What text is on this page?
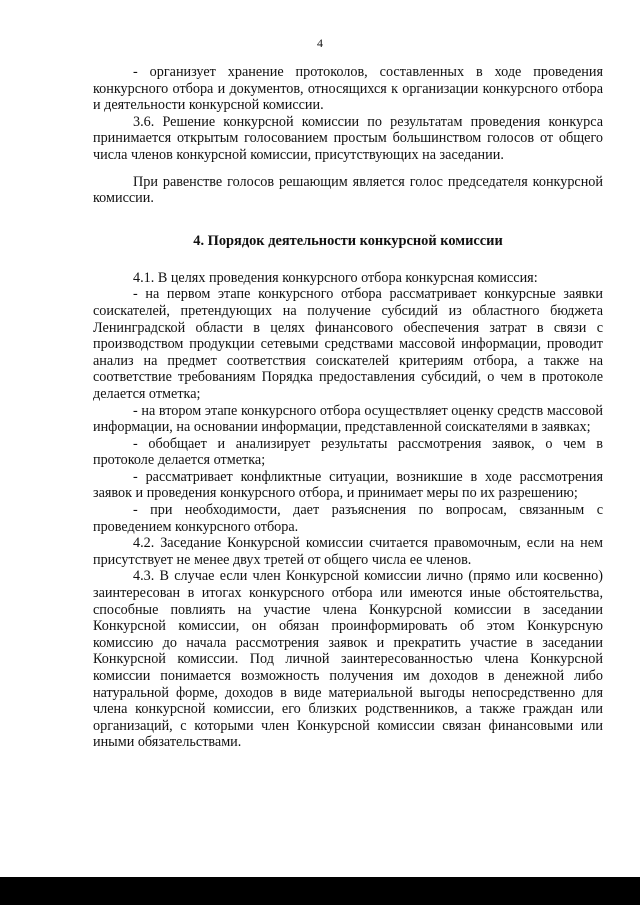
4

- организует хранение протоколов, составленных в ходе проведения конкурсного отбора и документов, относящихся к организации конкурсного отбора и деятельности конкурсной комиссии.

3.6. Решение конкурсной комиссии по результатам проведения конкурса принимается открытым голосованием простым большинством голосов от общего числа членов конкурсной комиссии, присутствующих на заседании.

При равенстве голосов решающим является голос председателя конкурсной комиссии.

4. Порядок деятельности конкурсной комиссии

4.1. В целях проведения конкурсного отбора конкурсная комиссия:

- на первом этапе конкурсного отбора рассматривает конкурсные заявки соискателей, претендующих на получение субсидий из областного бюджета Ленинградской области в целях финансового обеспечения затрат в связи с производством продукции сетевыми средствами массовой информации, проводит анализ на предмет соответствия соискателей критериям отбора, а также на соответствие требованиям Порядка предоставления субсидий, о чем в протоколе делается отметка;

- на втором этапе конкурсного отбора осуществляет оценку средств массовой информации, на основании информации, представленной соискателями в заявках;

- обобщает и анализирует результаты рассмотрения заявок, о чем в протоколе делается отметка;

- рассматривает конфликтные ситуации, возникшие в ходе рассмотрения заявок и проведения конкурсного отбора, и принимает меры по их разрешению;

- при необходимости, дает разъяснения по вопросам, связанным с проведением конкурсного отбора.

4.2. Заседание Конкурсной комиссии считается правомочным, если на нем присутствует не менее двух третей от общего числа ее членов.

4.3. В случае если член Конкурсной комиссии лично (прямо или косвенно) заинтересован в итогах конкурсного отбора или имеются иные обстоятельства, способные повлиять на участие члена Конкурсной комиссии в заседании Конкурсной комиссии, он обязан проинформировать об этом Конкурсную комиссию до начала рассмотрения заявок и прекратить участие в заседании Конкурсной комиссии. Под личной заинтересованностью члена Конкурсной комиссии понимается возможность получения им доходов в денежной либо натуральной форме, доходов в виде материальной выгоды непосредственно для члена конкурсной комиссии, его близких родственников, а также граждан или организаций, с которыми член Конкурсной комиссии связан финансовыми или иными обязательствами.
